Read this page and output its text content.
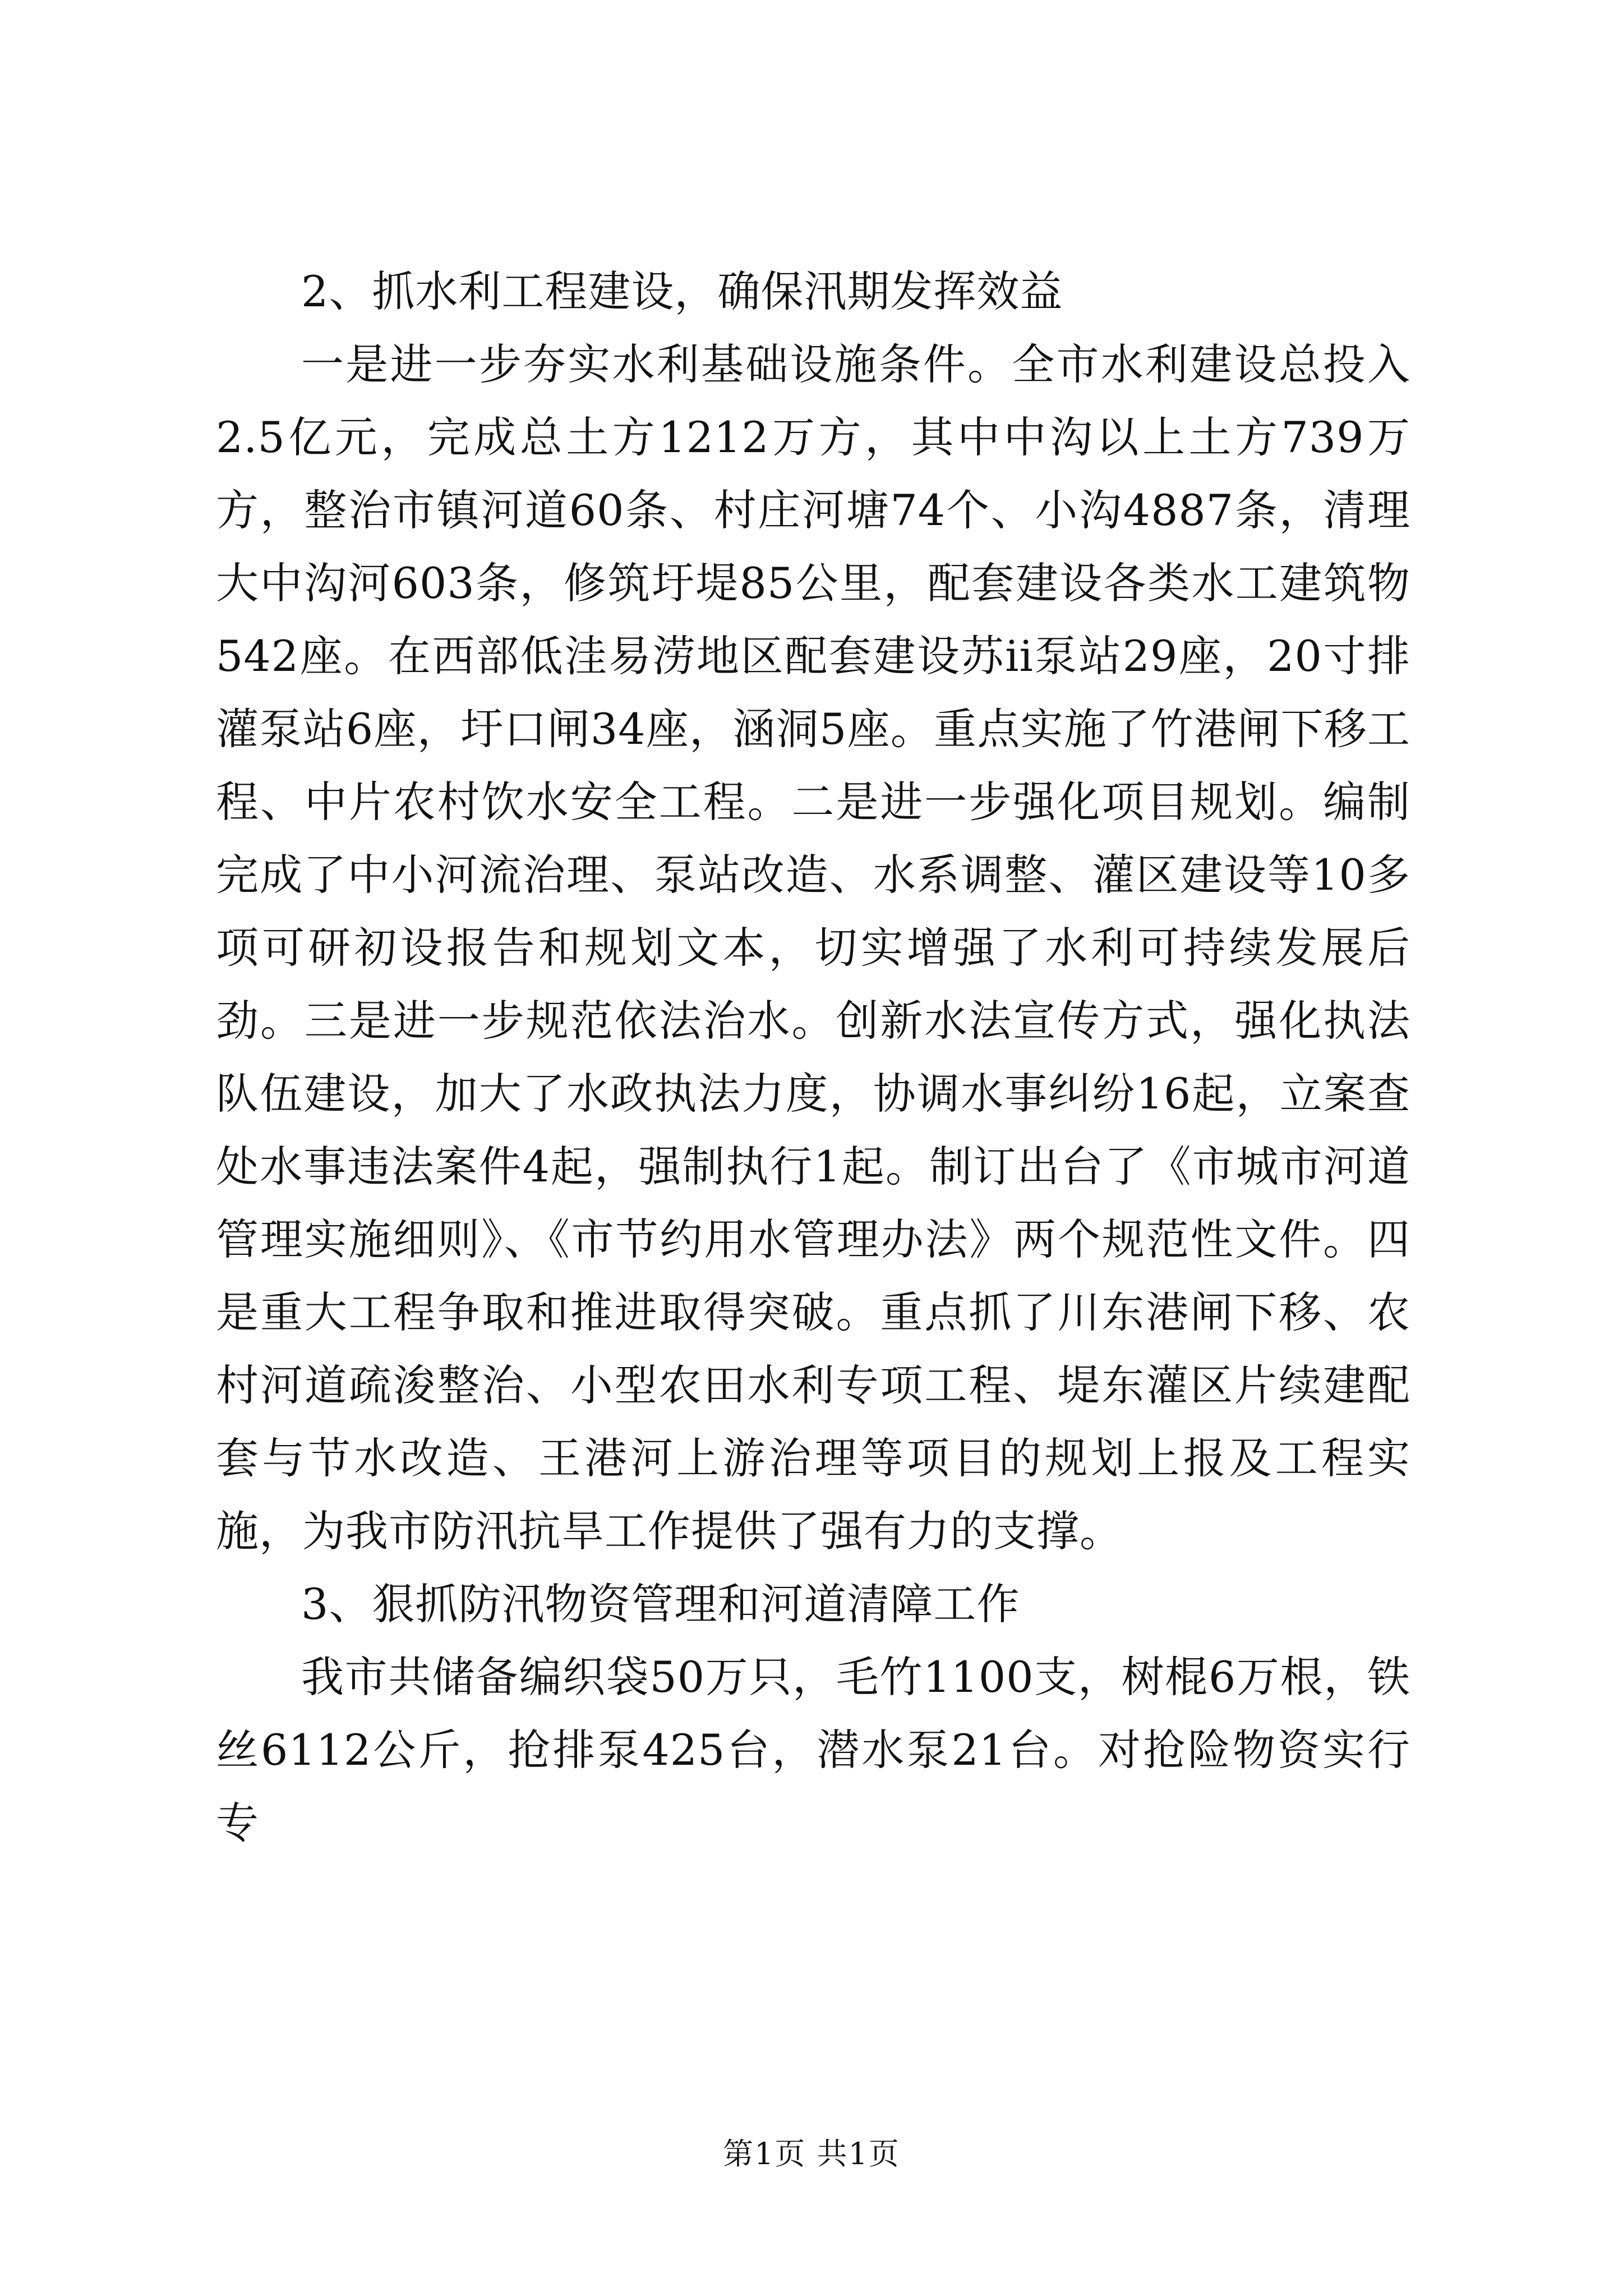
2、抓水利工程建设，确保汛期发挥效益

一是进一步夯实水利基础设施条件。全市水利建设总投入2.5亿元，完成总土方1212万方，其中中沟以上土方739万方，整治市镇河道60条、村庄河塘74个、小沟4887条，清理大中沟河603条，修筑圩堤85公里，配套建设各类水工建筑物542座。在西部低洼易涝地区配套建设苏ii泵站29座，20寸排灌泵站6座，圩口闸34座，涵洞5座。重点实施了竹港闸下移工程、中片农村饮水安全工程。二是进一步强化项目规划。编制完成了中小河流治理、泵站改造、水系调整、灌区建设等10多项可研初设报告和规划文本，切实增强了水利可持续发展后劲。三是进一步规范依法治水。创新水法宣传方式，强化执法队伍建设，加大了水政执法力度，协调水事纠纷16起，立案查处水事违法案件4起，强制执行1起。制订出台了《市城市河道管理实施细则》、《市节约用水管理办法》两个规范性文件。四是重大工程争取和推进取得突破。重点抓了川东港闸下移、农村河道疏浚整治、小型农田水利专项工程、堤东灌区片续建配套与节水改造、王港河上游治理等项目的规划上报及工程实施，为我市防汛抗旱工作提供了强有力的支撑。

3、狠抓防汛物资管理和河道清障工作

我市共储备编织袋50万只，毛竹1100支，树棍6万根，铁丝6112公斤，抢排泵425台，潜水泵21台。对抢险物资实行专

第1页 共1页
